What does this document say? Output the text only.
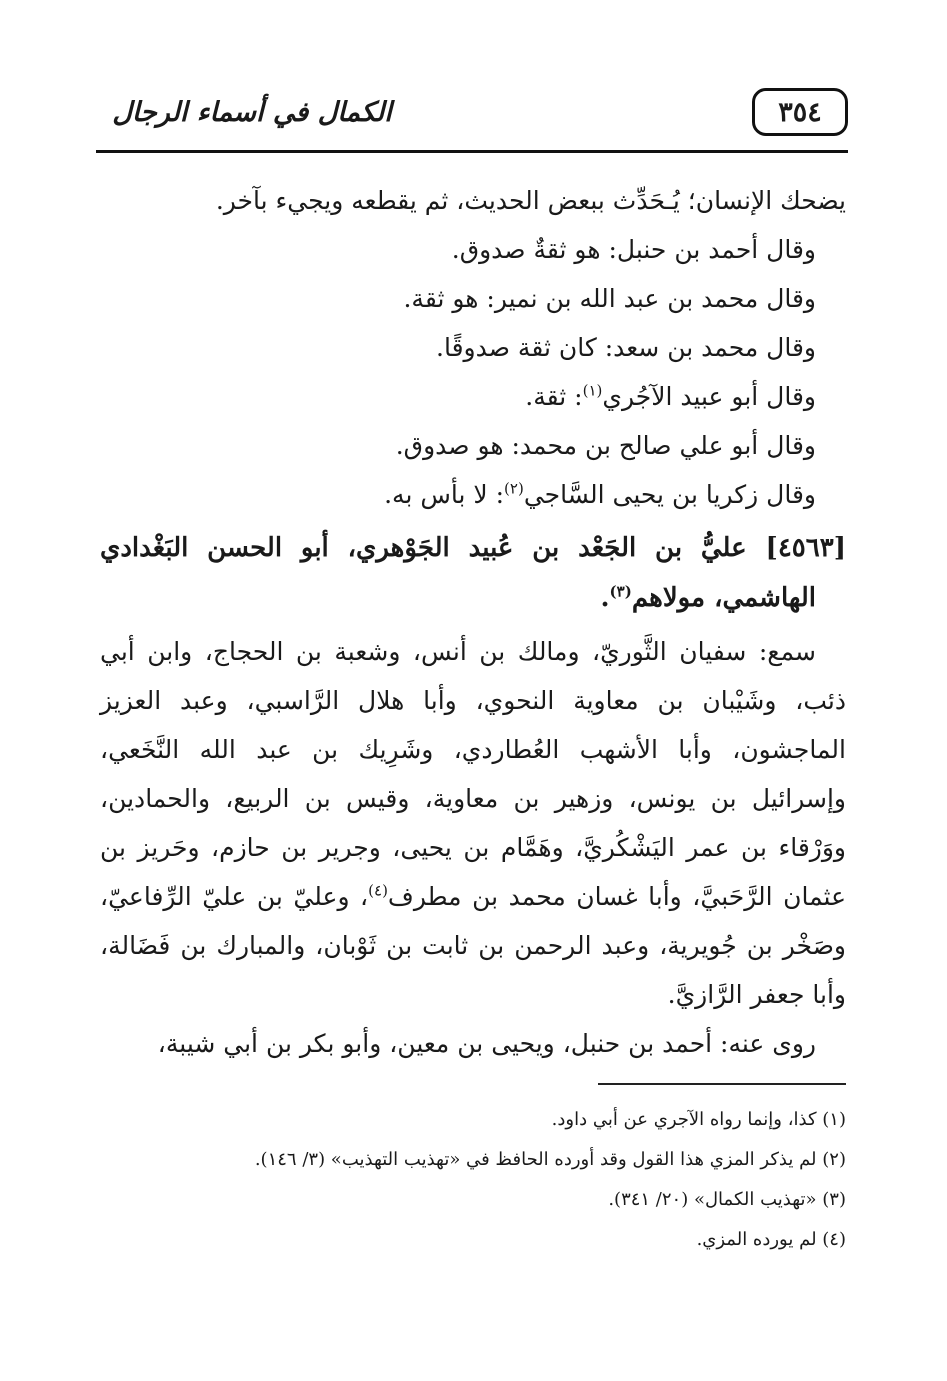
٣٥٤
الكمال في أسماء الرجال
يضحك الإنسان؛ يُـحَدِّث ببعض الحديث، ثم يقطعه ويجيء بآخر.
وقال أحمد بن حنبل: هو ثقةٌ صدوق.
وقال محمد بن عبد الله بن نمير: هو ثقة.
وقال محمد بن سعد: كان ثقة صدوقًا.
وقال أبو عبيد الآجُري$^{(١)}$: ثقة.
وقال أبو علي صالح بن محمد: هو صدوق.
وقال زكريا بن يحيى السَّاجي$^{(٢)}$: لا بأس به.
[٤٥٦٣] عليُّ بن الجَعْد بن عُبيد الجَوْهري، أبو الحسن البَغْدادي الهاشمي، مولاهم$^{(٣)}$.
سمع: سفيان الثَّوريّ، ومالك بن أنس، وشعبة بن الحجاج، وابن أبي ذئب، وشَيْبان بن معاوية النحوي، وأبا هلال الرَّاسبي، وعبد العزيز الماجشون، وأبا الأشهب العُطاردي، وشَرِيك بن عبد الله النَّخَعي، وإسرائيل بن يونس، وزهير بن معاوية، وقيس بن الربيع، والحمادين، ووَرْقاء بن عمر اليَشْكُريَّ، وهَمَّام بن يحيى، وجرير بن حازم، وحَريز بن عثمان الرَّحَبيَّ، وأبا غسان محمد بن مطرف$^{(٤)}$، وعليّ بن عليّ الرِّفاعيّ، وصَخْر بن جُويرية، وعبد الرحمن بن ثابت بن ثَوْبان، والمبارك بن فَضَالة، وأبا جعفر الرَّازيَّ.
روى عنه: أحمد بن حنبل، ويحيى بن معين، وأبو بكر بن أبي شيبة،
(١) كذا، وإنما رواه الآجري عن أبي داود.
(٢) لم يذكر المزي هذا القول وقد أورده الحافظ في «تهذيب التهذيب» (٣/ ١٤٦).
(٣) «تهذيب الكمال» (٢٠/ ٣٤١).
(٤) لم يورده المزي.
